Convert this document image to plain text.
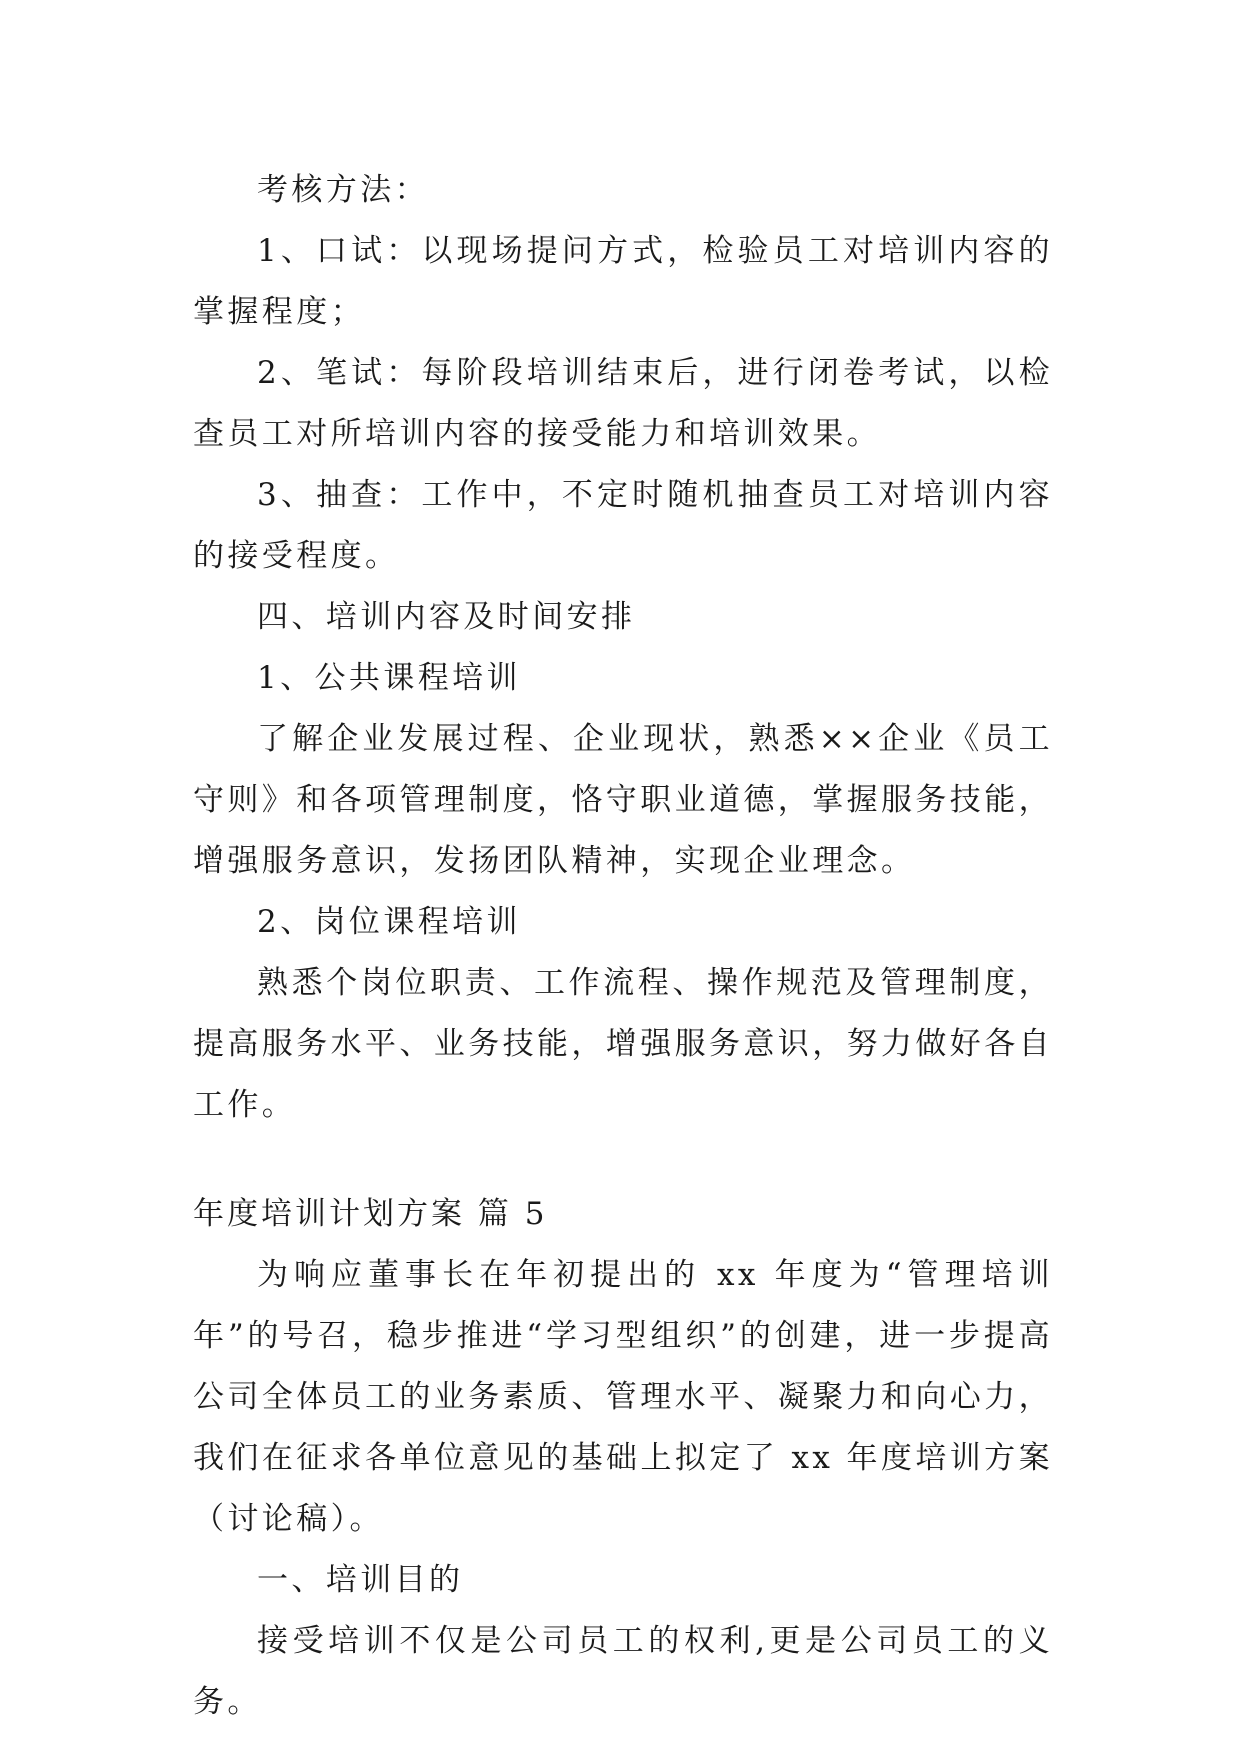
考核方法：

1、口试：以现场提问方式，检验员工对培训内容的掌握程度；

2、笔试：每阶段培训结束后，进行闭卷考试，以检查员工对所培训内容的接受能力和培训效果。

3、抽查：工作中，不定时随机抽查员工对培训内容的接受程度。

四、培训内容及时间安排

1、公共课程培训

了解企业发展过程、企业现状，熟悉××企业《员工守则》和各项管理制度，恪守职业道德，掌握服务技能，增强服务意识，发扬团队精神，实现企业理念。

2、岗位课程培训

熟悉个岗位职责、工作流程、操作规范及管理制度，提高服务水平、业务技能，增强服务意识，努力做好各自工作。

年度培训计划方案 篇 5

为响应董事长在年初提出的 xx 年度为“管理培训年”的号召，稳步推进“学习型组织”的创建，进一步提高公司全体员工的业务素质、管理水平、凝聚力和向心力，我们在征求各单位意见的基础上拟定了 xx 年度培训方案（讨论稿）。

一、培训目的

接受培训不仅是公司员工的权利,更是公司员工的义务。
